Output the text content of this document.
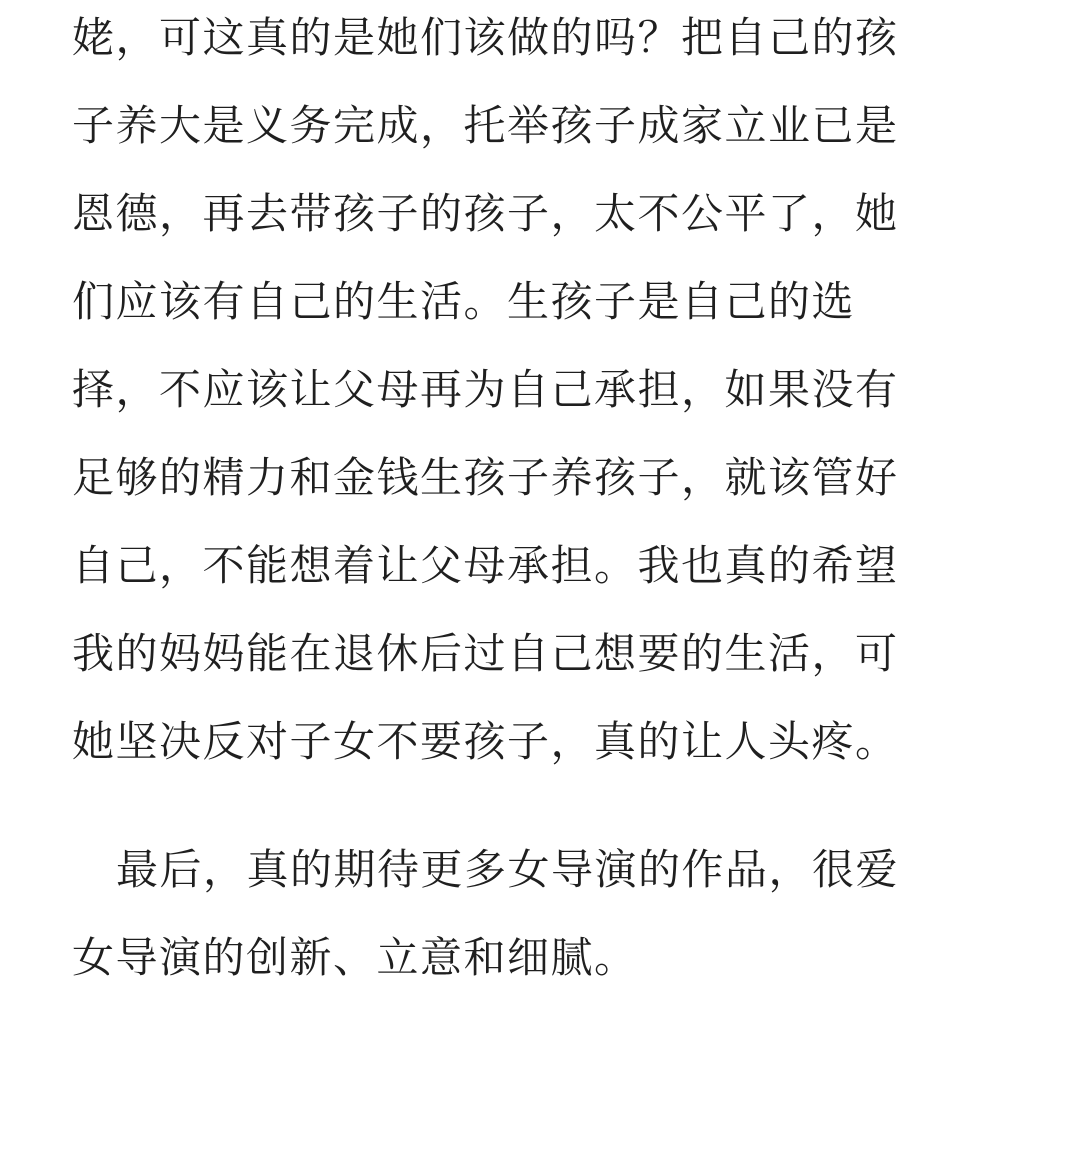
姥，可这真的是她们该做的吗？把自己的孩
子养大是义务完成，托举孩子成家立业已是
恩德，再去带孩子的孩子，太不公平了，她
们应该有自己的生活。生孩子是自己的选
择，不应该让父母再为自己承担，如果没有
足够的精力和金钱生孩子养孩子，就该管好
自己，不能想着让父母承担。我也真的希望
我的妈妈能在退休后过自己想要的生活，可
她坚决反对子女不要孩子，真的让人头疼。
最后，真的期待更多女导演的作品，很爱
女导演的创新、立意和细腻。
